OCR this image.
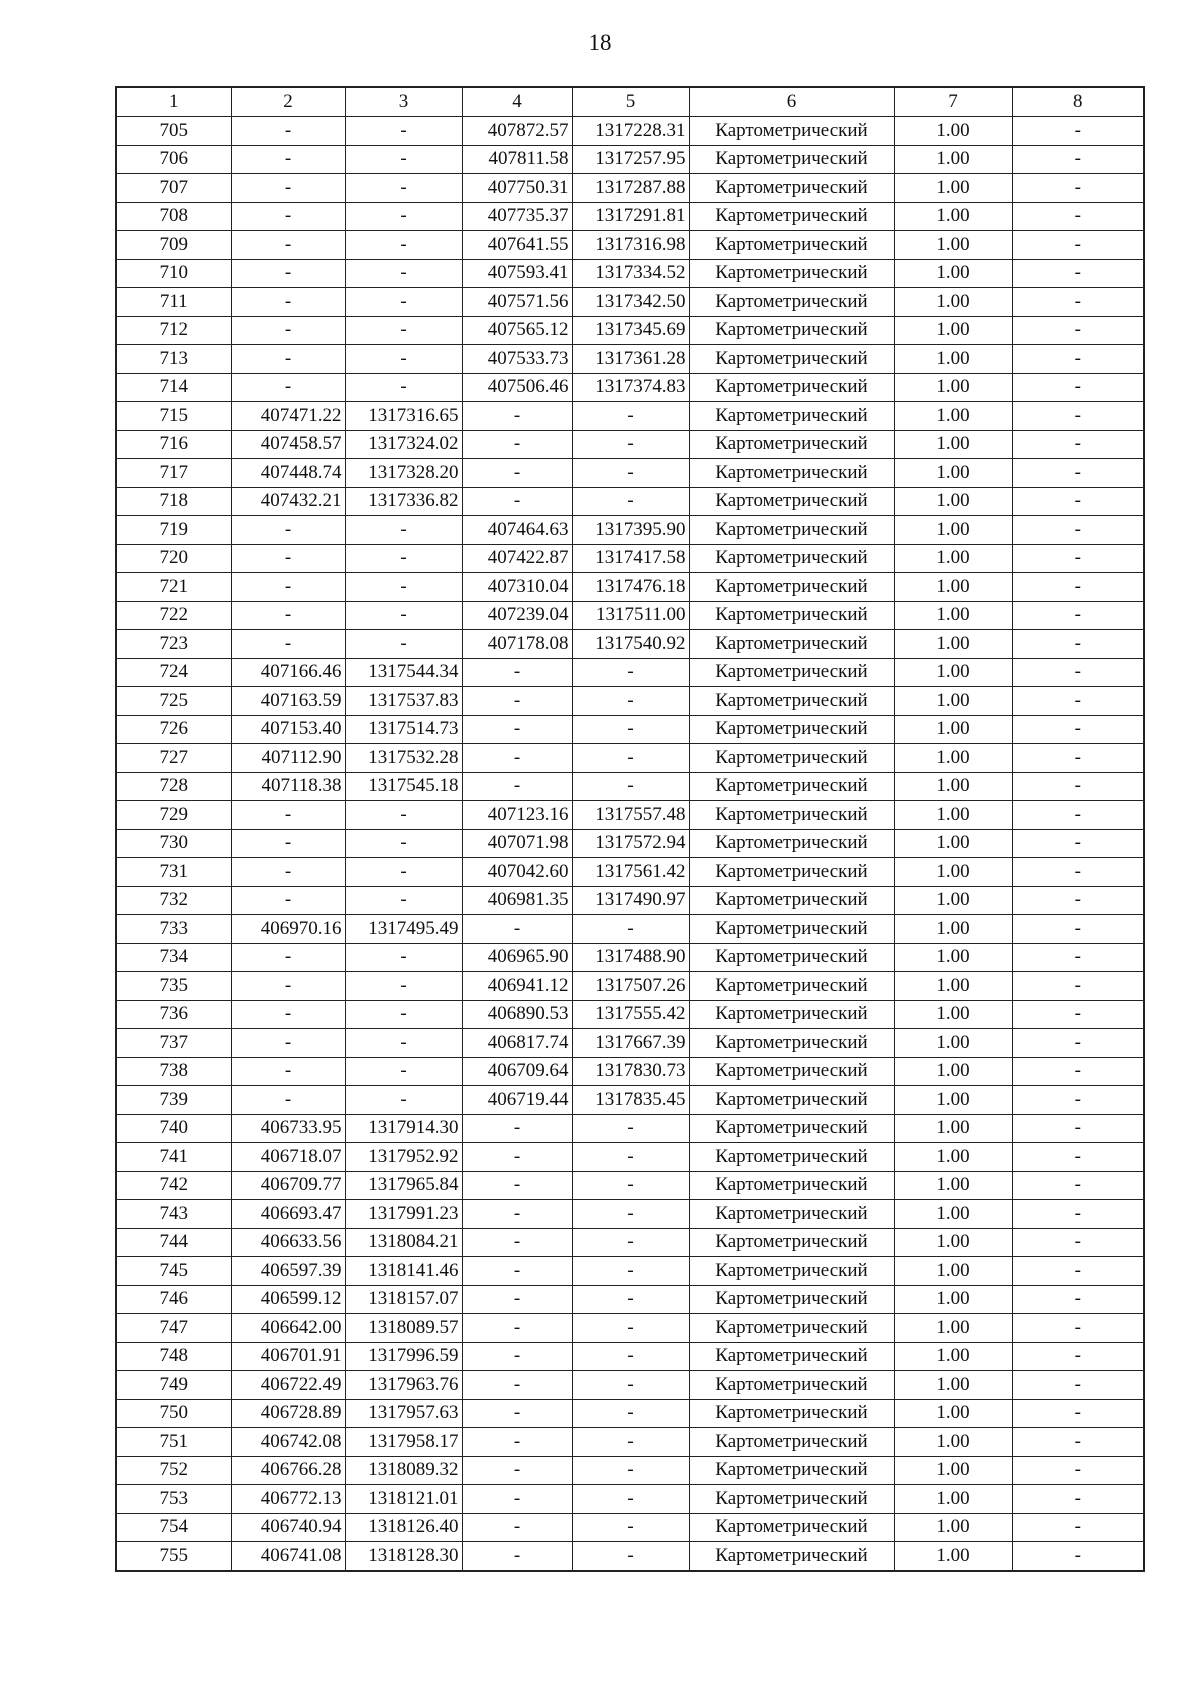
18
1	2	3	4	5	6	7	8
705	-	-	407872.57	1317228.31	Картометрический	1.00	-
706	-	-	407811.58	1317257.95	Картометрический	1.00	-
707	-	-	407750.31	1317287.88	Картометрический	1.00	-
708	-	-	407735.37	1317291.81	Картометрический	1.00	-
709	-	-	407641.55	1317316.98	Картометрический	1.00	-
710	-	-	407593.41	1317334.52	Картометрический	1.00	-
711	-	-	407571.56	1317342.50	Картометрический	1.00	-
712	-	-	407565.12	1317345.69	Картометрический	1.00	-
713	-	-	407533.73	1317361.28	Картометрический	1.00	-
714	-	-	407506.46	1317374.83	Картометрический	1.00	-
715	407471.22	1317316.65	-	-	Картометрический	1.00	-
716	407458.57	1317324.02	-	-	Картометрический	1.00	-
717	407448.74	1317328.20	-	-	Картометрический	1.00	-
718	407432.21	1317336.82	-	-	Картометрический	1.00	-
719	-	-	407464.63	1317395.90	Картометрический	1.00	-
720	-	-	407422.87	1317417.58	Картометрический	1.00	-
721	-	-	407310.04	1317476.18	Картометрический	1.00	-
722	-	-	407239.04	1317511.00	Картометрический	1.00	-
723	-	-	407178.08	1317540.92	Картометрический	1.00	-
724	407166.46	1317544.34	-	-	Картометрический	1.00	-
725	407163.59	1317537.83	-	-	Картометрический	1.00	-
726	407153.40	1317514.73	-	-	Картометрический	1.00	-
727	407112.90	1317532.28	-	-	Картометрический	1.00	-
728	407118.38	1317545.18	-	-	Картометрический	1.00	-
729	-	-	407123.16	1317557.48	Картометрический	1.00	-
730	-	-	407071.98	1317572.94	Картометрический	1.00	-
731	-	-	407042.60	1317561.42	Картометрический	1.00	-
732	-	-	406981.35	1317490.97	Картометрический	1.00	-
733	406970.16	1317495.49	-	-	Картометрический	1.00	-
734	-	-	406965.90	1317488.90	Картометрический	1.00	-
735	-	-	406941.12	1317507.26	Картометрический	1.00	-
736	-	-	406890.53	1317555.42	Картометрический	1.00	-
737	-	-	406817.74	1317667.39	Картометрический	1.00	-
738	-	-	406709.64	1317830.73	Картометрический	1.00	-
739	-	-	406719.44	1317835.45	Картометрический	1.00	-
740	406733.95	1317914.30	-	-	Картометрический	1.00	-
741	406718.07	1317952.92	-	-	Картометрический	1.00	-
742	406709.77	1317965.84	-	-	Картометрический	1.00	-
743	406693.47	1317991.23	-	-	Картометрический	1.00	-
744	406633.56	1318084.21	-	-	Картометрический	1.00	-
745	406597.39	1318141.46	-	-	Картометрический	1.00	-
746	406599.12	1318157.07	-	-	Картометрический	1.00	-
747	406642.00	1318089.57	-	-	Картометрический	1.00	-
748	406701.91	1317996.59	-	-	Картометрический	1.00	-
749	406722.49	1317963.76	-	-	Картометрический	1.00	-
750	406728.89	1317957.63	-	-	Картометрический	1.00	-
751	406742.08	1317958.17	-	-	Картометрический	1.00	-
752	406766.28	1318089.32	-	-	Картометрический	1.00	-
753	406772.13	1318121.01	-	-	Картометрический	1.00	-
754	406740.94	1318126.40	-	-	Картометрический	1.00	-
755	406741.08	1318128.30	-	-	Картометрический	1.00	-
